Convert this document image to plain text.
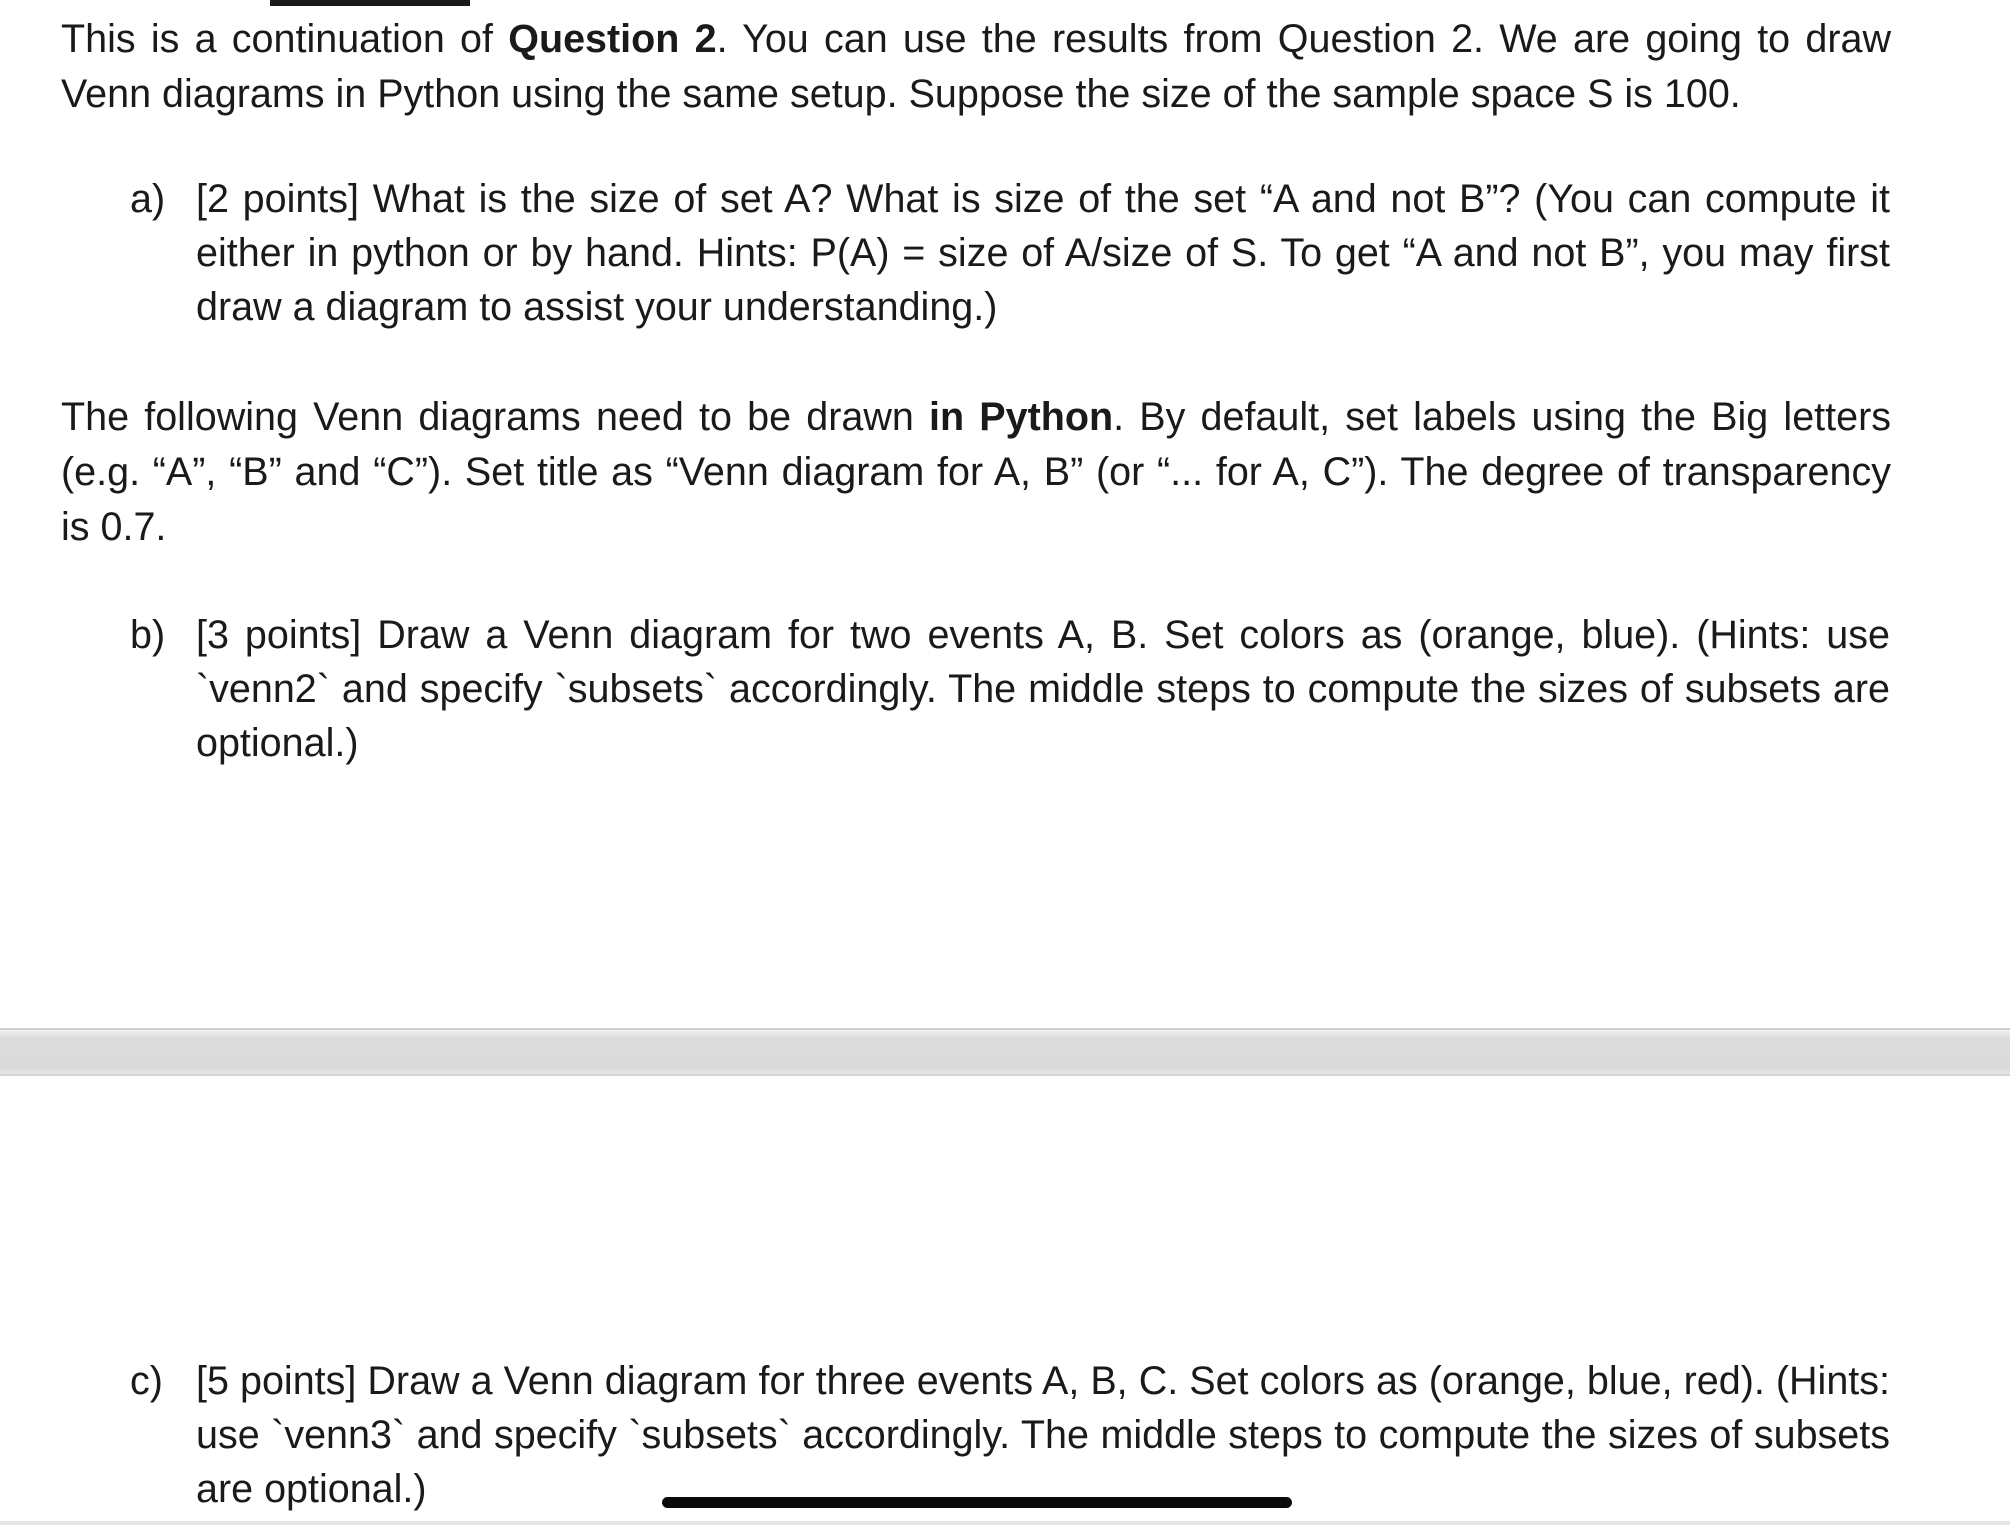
This is a continuation of Question 2. You can use the results from Question 2. We are going to draw Venn diagrams in Python using the same setup. Suppose the size of the sample space S is 100.

a) [2 points] What is the size of set A? What is size of the set “A and not B”? (You can compute it either in python or by hand. Hints: P(A) = size of A/size of S. To get “A and not B”, you may first draw a diagram to assist your understanding.)

The following Venn diagrams need to be drawn in Python. By default, set labels using the Big letters (e.g. “A”, “B” and “C”). Set title as “Venn diagram for A, B” (or “... for A, C”). The degree of transparency is 0.7.

b) [3 points] Draw a Venn diagram for two events A, B. Set colors as (orange, blue). (Hints: use `venn2` and specify `subsets` accordingly. The middle steps to compute the sizes of subsets are optional.)
c) [5 points] Draw a Venn diagram for three events A, B, C. Set colors as (orange, blue, red). (Hints: use `venn3` and specify `subsets` accordingly. The middle steps to compute the sizes of subsets are optional.)
